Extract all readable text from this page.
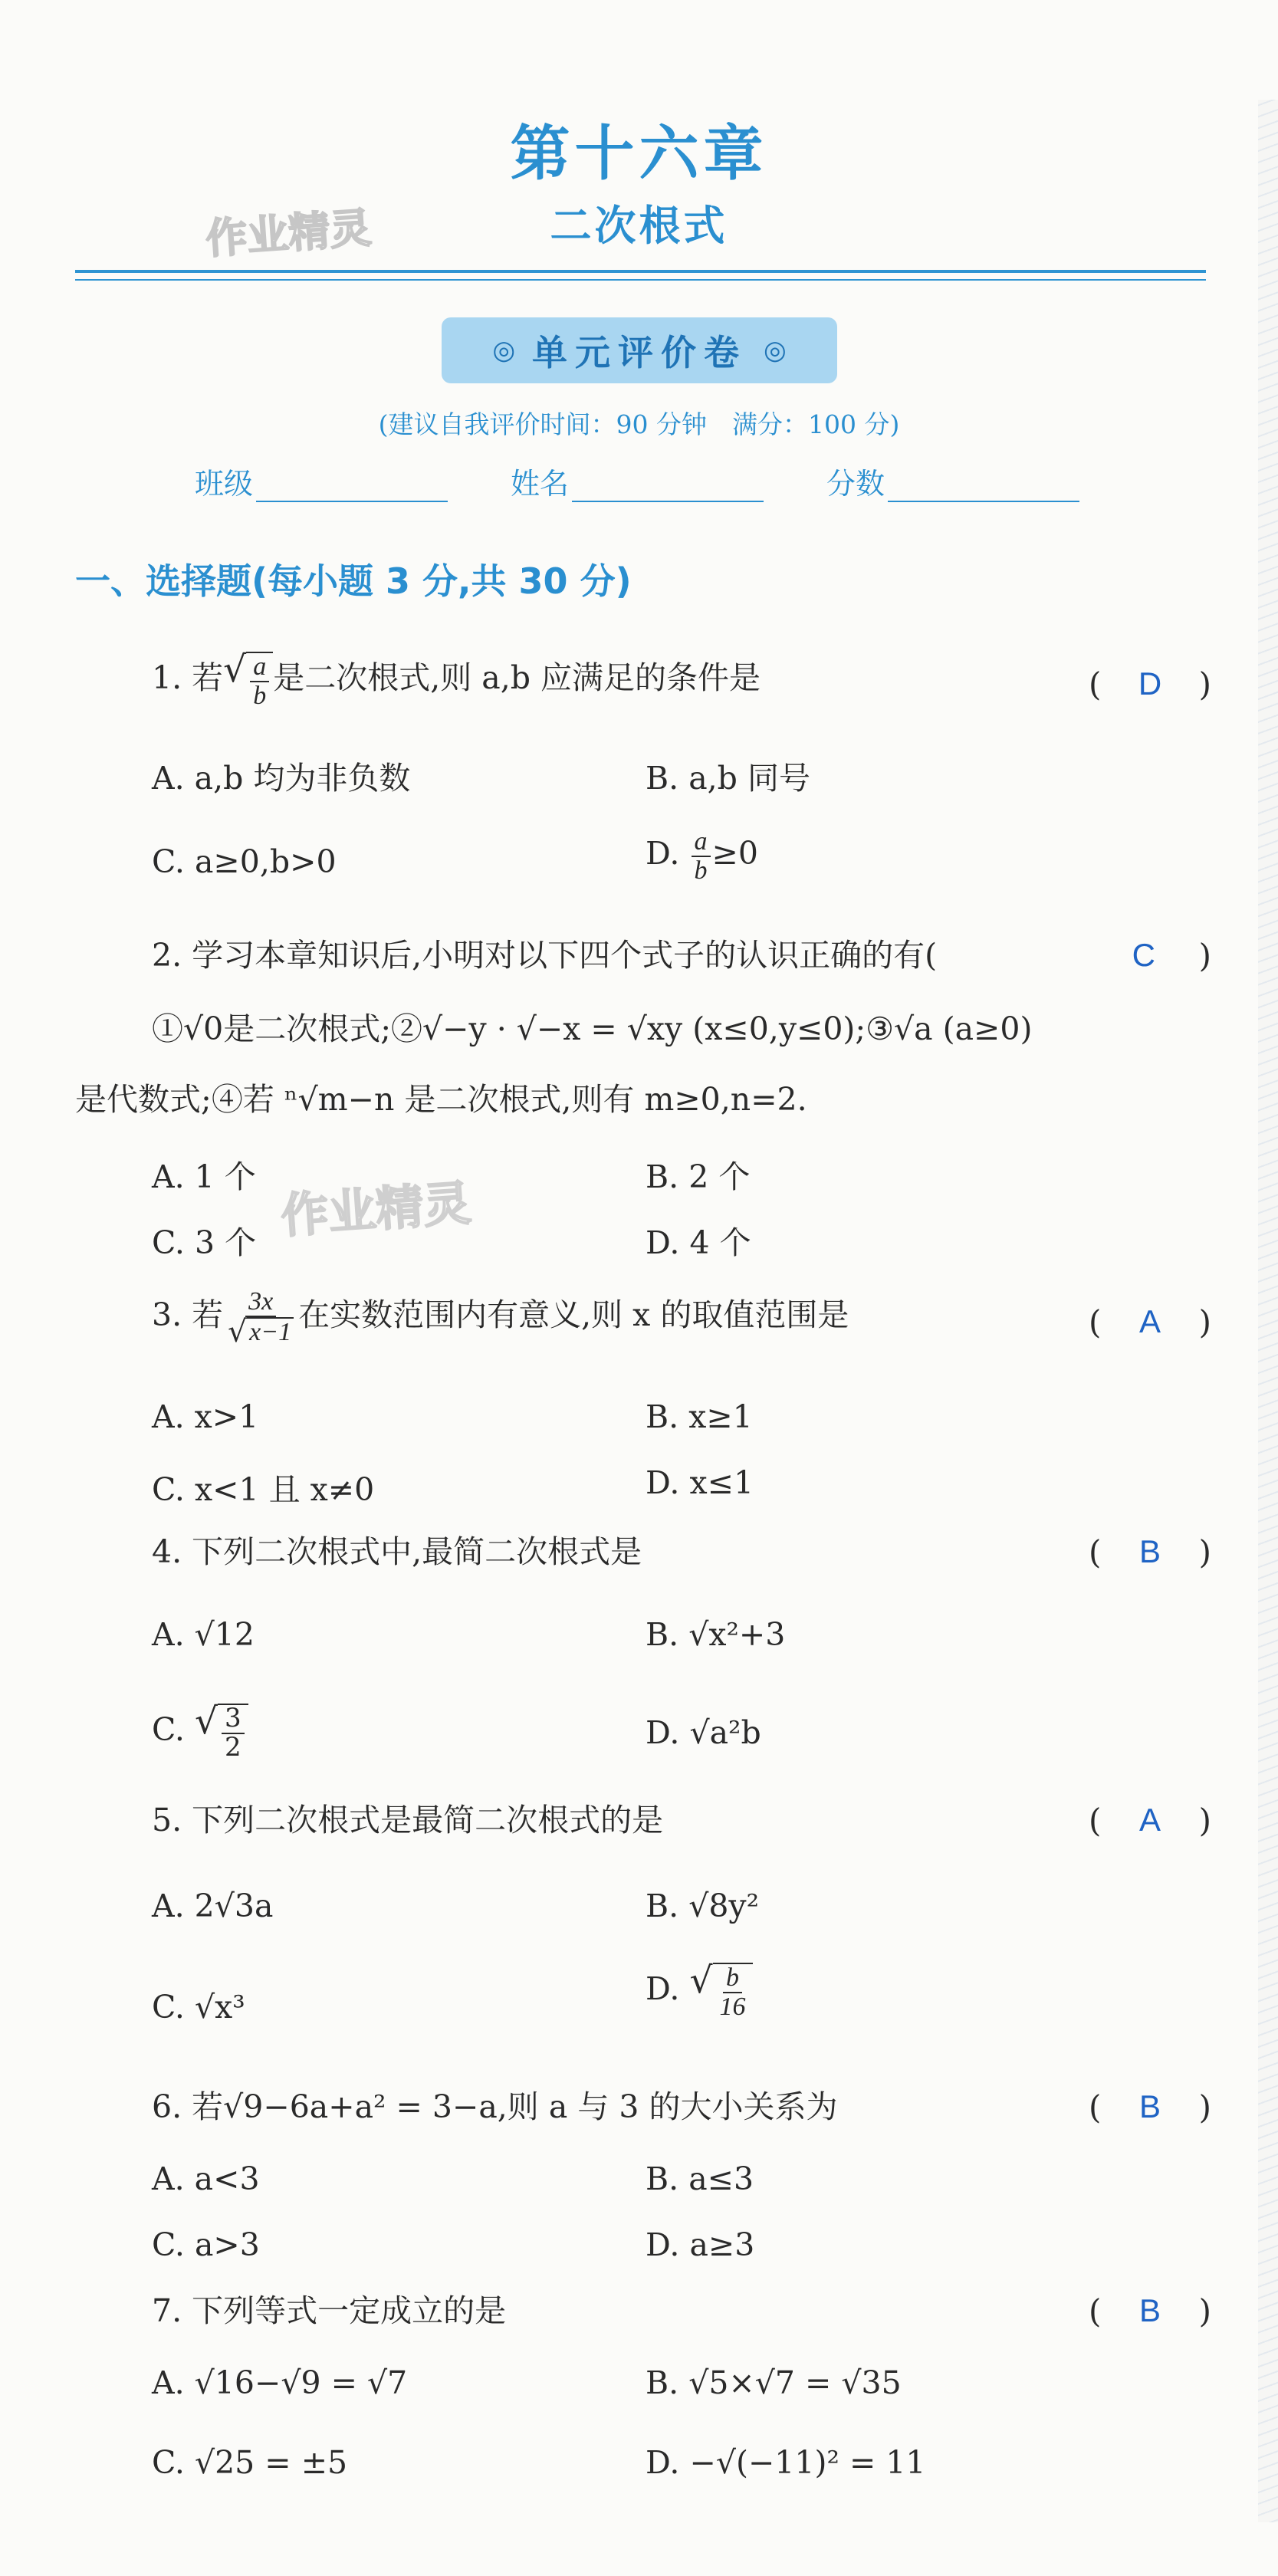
第十六章
二次根式
作业精灵
作业精灵
◎ 单元评价卷 ◎
(建议自我评价时间：90 分钟　满分：100 分)
班级	姓名	分数
一、选择题(每小题 3 分,共 30 分)
1. 若 √ $\frac{a}{b}$ 是二次根式,则 a,b 应满足的条件是	( D )
A. a,b 均为非负数	B. a,b 同号
C. a≥0,b>0	D. $\frac{a}{b} \ge 0$
2. 学习本章知识后,小明对以下四个式子的认识正确的有(	C )
①√0是二次根式;②√−y · √−x = √xy (x≤0,y≤0);③√a (a≥0)
是代数式;④若 ⁿ√m−n 是二次根式,则有 m≥0,n=2.
A. 1 个	B. 2 个
C. 3 个	D. 4 个
3. 若 $\frac{3x}{√ x-1}$ 在实数范围内有意义,则 x 的取值范围是	( A )
A. x>1	B. x≥1
C. x<1 且 x≠0	D. x≤1
4. 下列二次根式中,最简二次根式是	( B )
A. √12	B. √x²+3
C. √ $\frac{3}{2}$	D. √a²b
5. 下列二次根式是最简二次根式的是	( A )
A. 2√3a	B. √8y²
C. √x³	D. √ $\frac{b}{16}$
6. 若√9−6a+a² = 3−a,则 a 与 3 的大小关系为	( B )
A. a<3	B. a≤3
C. a>3	D. a≥3
7. 下列等式一定成立的是	( B )
A. √16−√9 = √7	B. √5×√7 = √35
C. √25 = ±5	D. −√(−11)² = 11
